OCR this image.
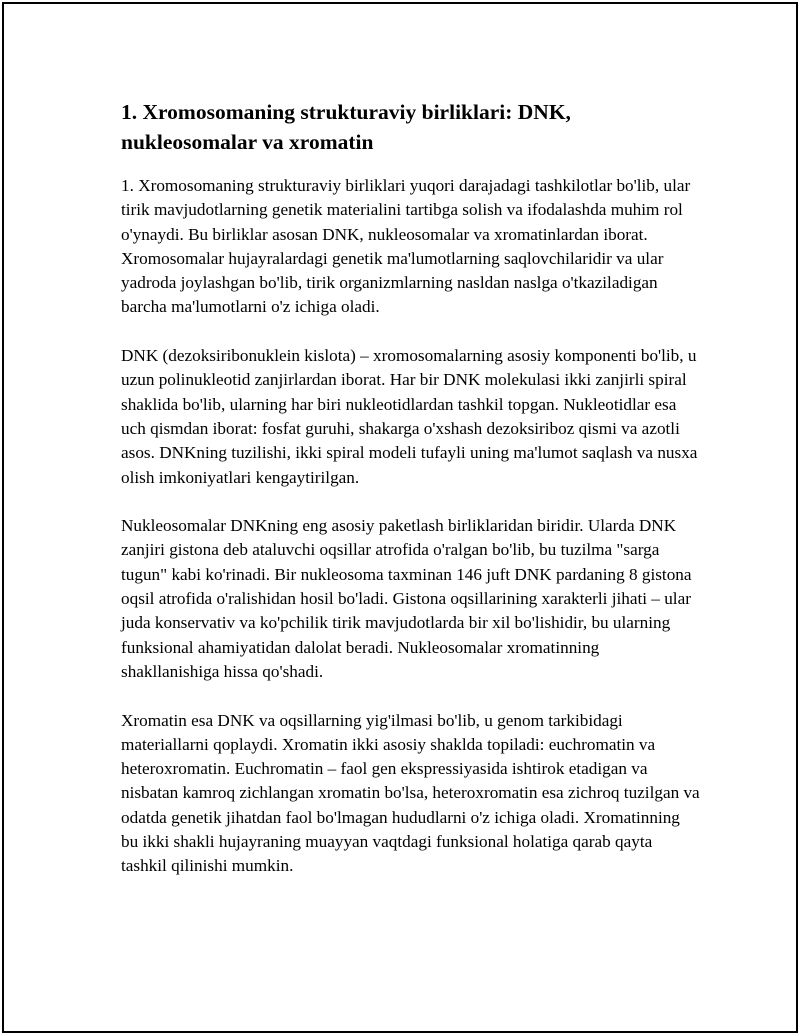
1. Xromosomaning strukturaviy birliklari: DNK, nukleosomalar va xromatin

1. Xromosomaning strukturaviy birliklari yuqori darajadagi tashkilotlar bo'lib, ular tirik mavjudotlarning genetik materialini tartibga solish va ifodalashda muhim rol o'ynaydi. Bu birliklar asosan DNK, nukleosomalar va xromatinlardan iborat. Xromosomalar hujayralardagi genetik ma'lumotlarning saqlovchilaridir va ular yadroda joylashgan bo'lib, tirik organizmlarning nasldan naslga o'tkaziladigan barcha ma'lumotlarni o'z ichiga oladi.

DNK (dezoksiribonuklein kislota) – xromosomalarning asosiy komponenti bo'lib, u uzun polinukleotid zanjirlardan iborat. Har bir DNK molekulasi ikki zanjirli spiral shaklida bo'lib, ularning har biri nukleotidlardan tashkil topgan. Nukleotidlar esa uch qismdan iborat: fosfat guruhi, shakarga o'xshash dezoksiriboz qismi va azotli asos. DNKning tuzilishi, ikki spiral modeli tufayli uning ma'lumot saqlash va nusxa olish imkoniyatlari kengaytirilgan.

Nukleosomalar DNKning eng asosiy paketlash birliklaridan biridir. Ularda DNK zanjiri gistona deb ataluvchi oqsillar atrofida o'ralgan bo'lib, bu tuzilma "sarga tugun" kabi ko'rinadi. Bir nukleosoma taxminan 146 juft DNK pardaning 8 gistona oqsil atrofida o'ralishidan hosil bo'ladi. Gistona oqsillarining xarakterli jihati – ular juda konservativ va ko'pchilik tirik mavjudotlarda bir xil bo'lishidir, bu ularning funksional ahamiyatidan dalolat beradi. Nukleosomalar xromatinning shakllanishiga hissa qo'shadi.

Xromatin esa DNK va oqsillarning yig'ilmasi bo'lib, u genom tarkibidagi materiallarni qoplaydi. Xromatin ikki asosiy shaklda topiladi: euchromatin va heteroxromatin. Euchromatin – faol gen ekspressiyasida ishtirok etadigan va nisbatan kamroq zichlangan xromatin bo'lsa, heteroxromatin esa zichroq tuzilgan va odatda genetik jihatdan faol bo'lmagan hududlarni o'z ichiga oladi. Xromatinning bu ikki shakli hujayraning muayyan vaqtdagi funksional holatiga qarab qayta tashkil qilinishi mumkin.
